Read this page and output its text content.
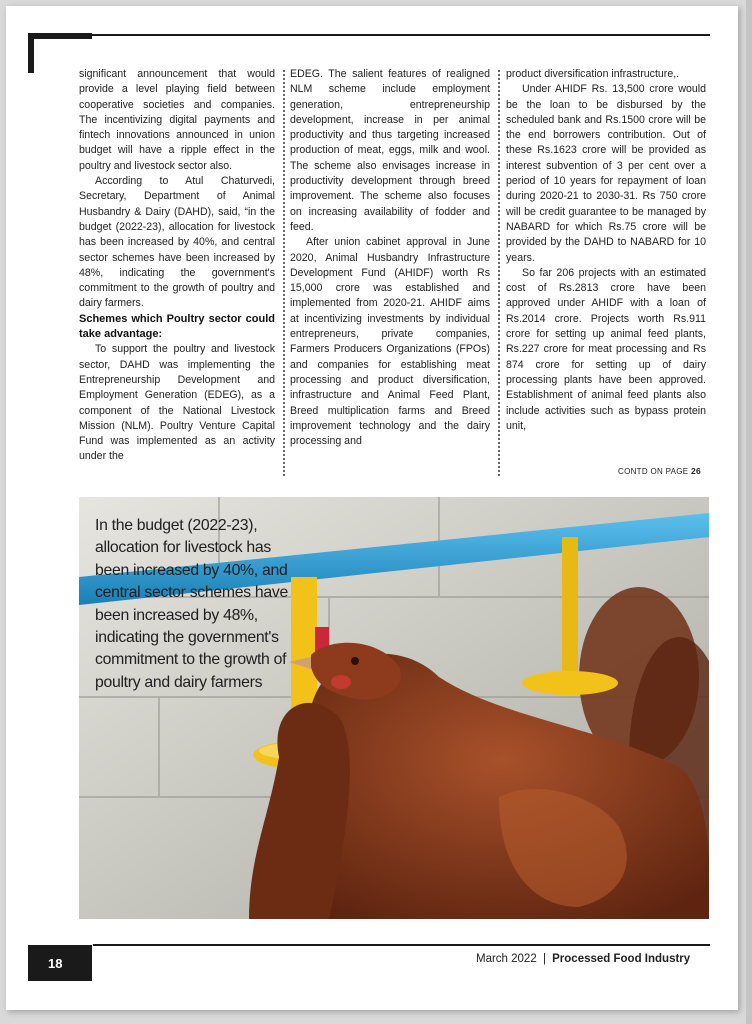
significant announcement that would provide a level playing field between cooperative societies and companies. The incentivizing digital payments and fintech innovations announced in union budget will have a ripple effect in the poultry and livestock sector also.

According to Atul Chaturvedi, Secretary, Department of Animal Husbandry & Dairy (DAHD), said, “in the budget (2022-23), allocation for livestock has been increased by 40%, and central sector schemes have been increased by 48%, indicating the government's commitment to the growth of poultry and dairy farmers.

Schemes which Poultry sector could take advantage:

To support the poultry and livestock sector, DAHD was implementing the Entrepreneurship Development and Employment Generation (EDEG), as a component of the National Livestock Mission (NLM). Poultry Venture Capital Fund was implemented as an activity under the

EDEG. The salient features of realigned NLM scheme include employment generation, entrepreneurship development, increase in per animal productivity and thus targeting increased production of meat, eggs, milk and wool. The scheme also envisages increase in productivity development through breed improvement. The scheme also focuses on increasing availability of fodder and feed.

After union cabinet approval in June 2020, Animal Husbandry Infrastructure Development Fund (AHIDF) worth Rs 15,000 crore was established and implemented from 2020-21. AHIDF aims at incentivizing investments by individual entrepreneurs, private companies, Farmers Producers Organizations (FPOs) and companies for establishing meat processing and product diversification, infrastructure and Animal Feed Plant, Breed multiplication farms and Breed improvement technology and the dairy processing and

product diversification infrastructure,.

Under AHIDF Rs. 13,500 crore would be the loan to be disbursed by the scheduled bank and Rs.1500 crore will be the end borrowers contribution. Out of these Rs.1623 crore will be provided as interest subvention of 3 per cent over a period of 10 years for repayment of loan during 2020-21 to 2030-31. Rs 750 crore will be credit guarantee to be managed by NABARD for which Rs.75 crore will be provided by the DAHD to NABARD for 10 years.

So far 206 projects with an estimated cost of Rs.2813 crore have been approved under AHIDF with a loan of Rs.2014 crore. Projects worth Rs.911 crore for setting up animal feed plants, Rs.227 crore for meat processing and Rs 874 crore for setting up of dairy processing plants have been approved. Establishment of animal feed plants also include activities such as bypass protein unit,

CONTD ON PAGE 26
In the budget (2022-23), allocation for livestock has been increased by 40%, and central sector schemes have been increased by 48%, indicating the government's commitment to the growth of poultry and dairy farmers
18	March 2022 | Processed Food Industry
